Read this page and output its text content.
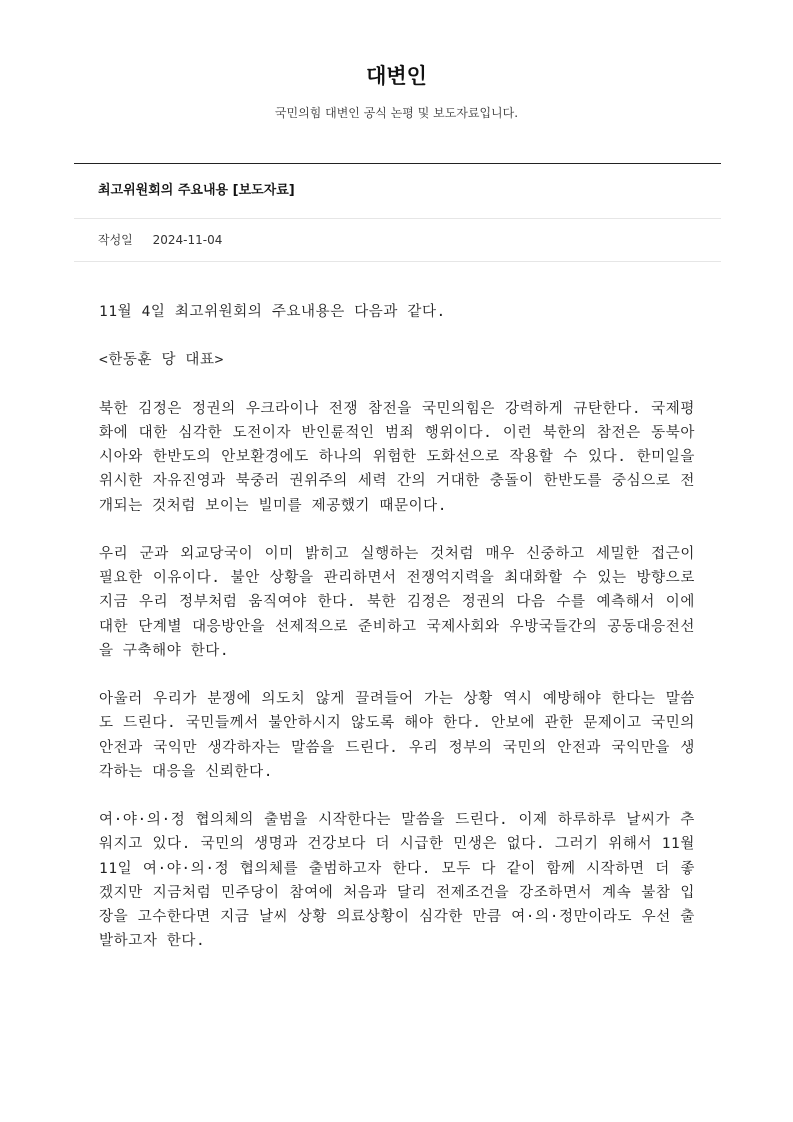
대변인
국민의힘 대변인 공식 논평 및 보도자료입니다.
최고위원회의 주요내용 [보도자료]
작성일 2024-11-04

11월 4일 최고위원회의 주요내용은 다음과 같다.

<한동훈 당 대표>

북한 김정은 정권의 우크라이나 전쟁 참전을 국민의힘은 강력하게 규탄한다. 국제평화에 대한 심각한 도전이자 반인륜적인 범죄 행위이다. 이런 북한의 참전은 동북아시아와 한반도의 안보환경에도 하나의 위험한 도화선으로 작용할 수 있다. 한미일을 위시한 자유진영과 북중러 권위주의 세력 간의 거대한 충돌이 한반도를 중심으로 전개되는 것처럼 보이는 빌미를 제공했기 때문이다.

우리 군과 외교당국이 이미 밝히고 실행하는 것처럼 매우 신중하고 세밀한 접근이 필요한 이유이다. 불안 상황을 관리하면서 전쟁억지력을 최대화할 수 있는 방향으로 지금 우리 정부처럼 움직여야 한다. 북한 김정은 정권의 다음 수를 예측해서 이에 대한 단계별 대응방안을 선제적으로 준비하고 국제사회와 우방국들간의 공동대응전선을 구축해야 한다.

아울러 우리가 분쟁에 의도치 않게 끌려들어 가는 상황 역시 예방해야 한다는 말씀도 드린다. 국민들께서 불안하시지 않도록 해야 한다. 안보에 관한 문제이고 국민의 안전과 국익만 생각하자는 말씀을 드린다. 우리 정부의 국민의 안전과 국익만을 생각하는 대응을 신뢰한다.

여·야·의·정 협의체의 출범을 시작한다는 말씀을 드린다. 이제 하루하루 날씨가 추워지고 있다. 국민의 생명과 건강보다 더 시급한 민생은 없다. 그러기 위해서 11월 11일 여·야·의·정 협의체를 출범하고자 한다. 모두 다 같이 함께 시작하면 더 좋겠지만 지금처럼 민주당이 참여에 처음과 달리 전제조건을 강조하면서 계속 불참 입장을 고수한다면 지금 날씨 상황 의료상황이 심각한 만큼 여·의·정만이라도 우선 출발하고자 한다.
